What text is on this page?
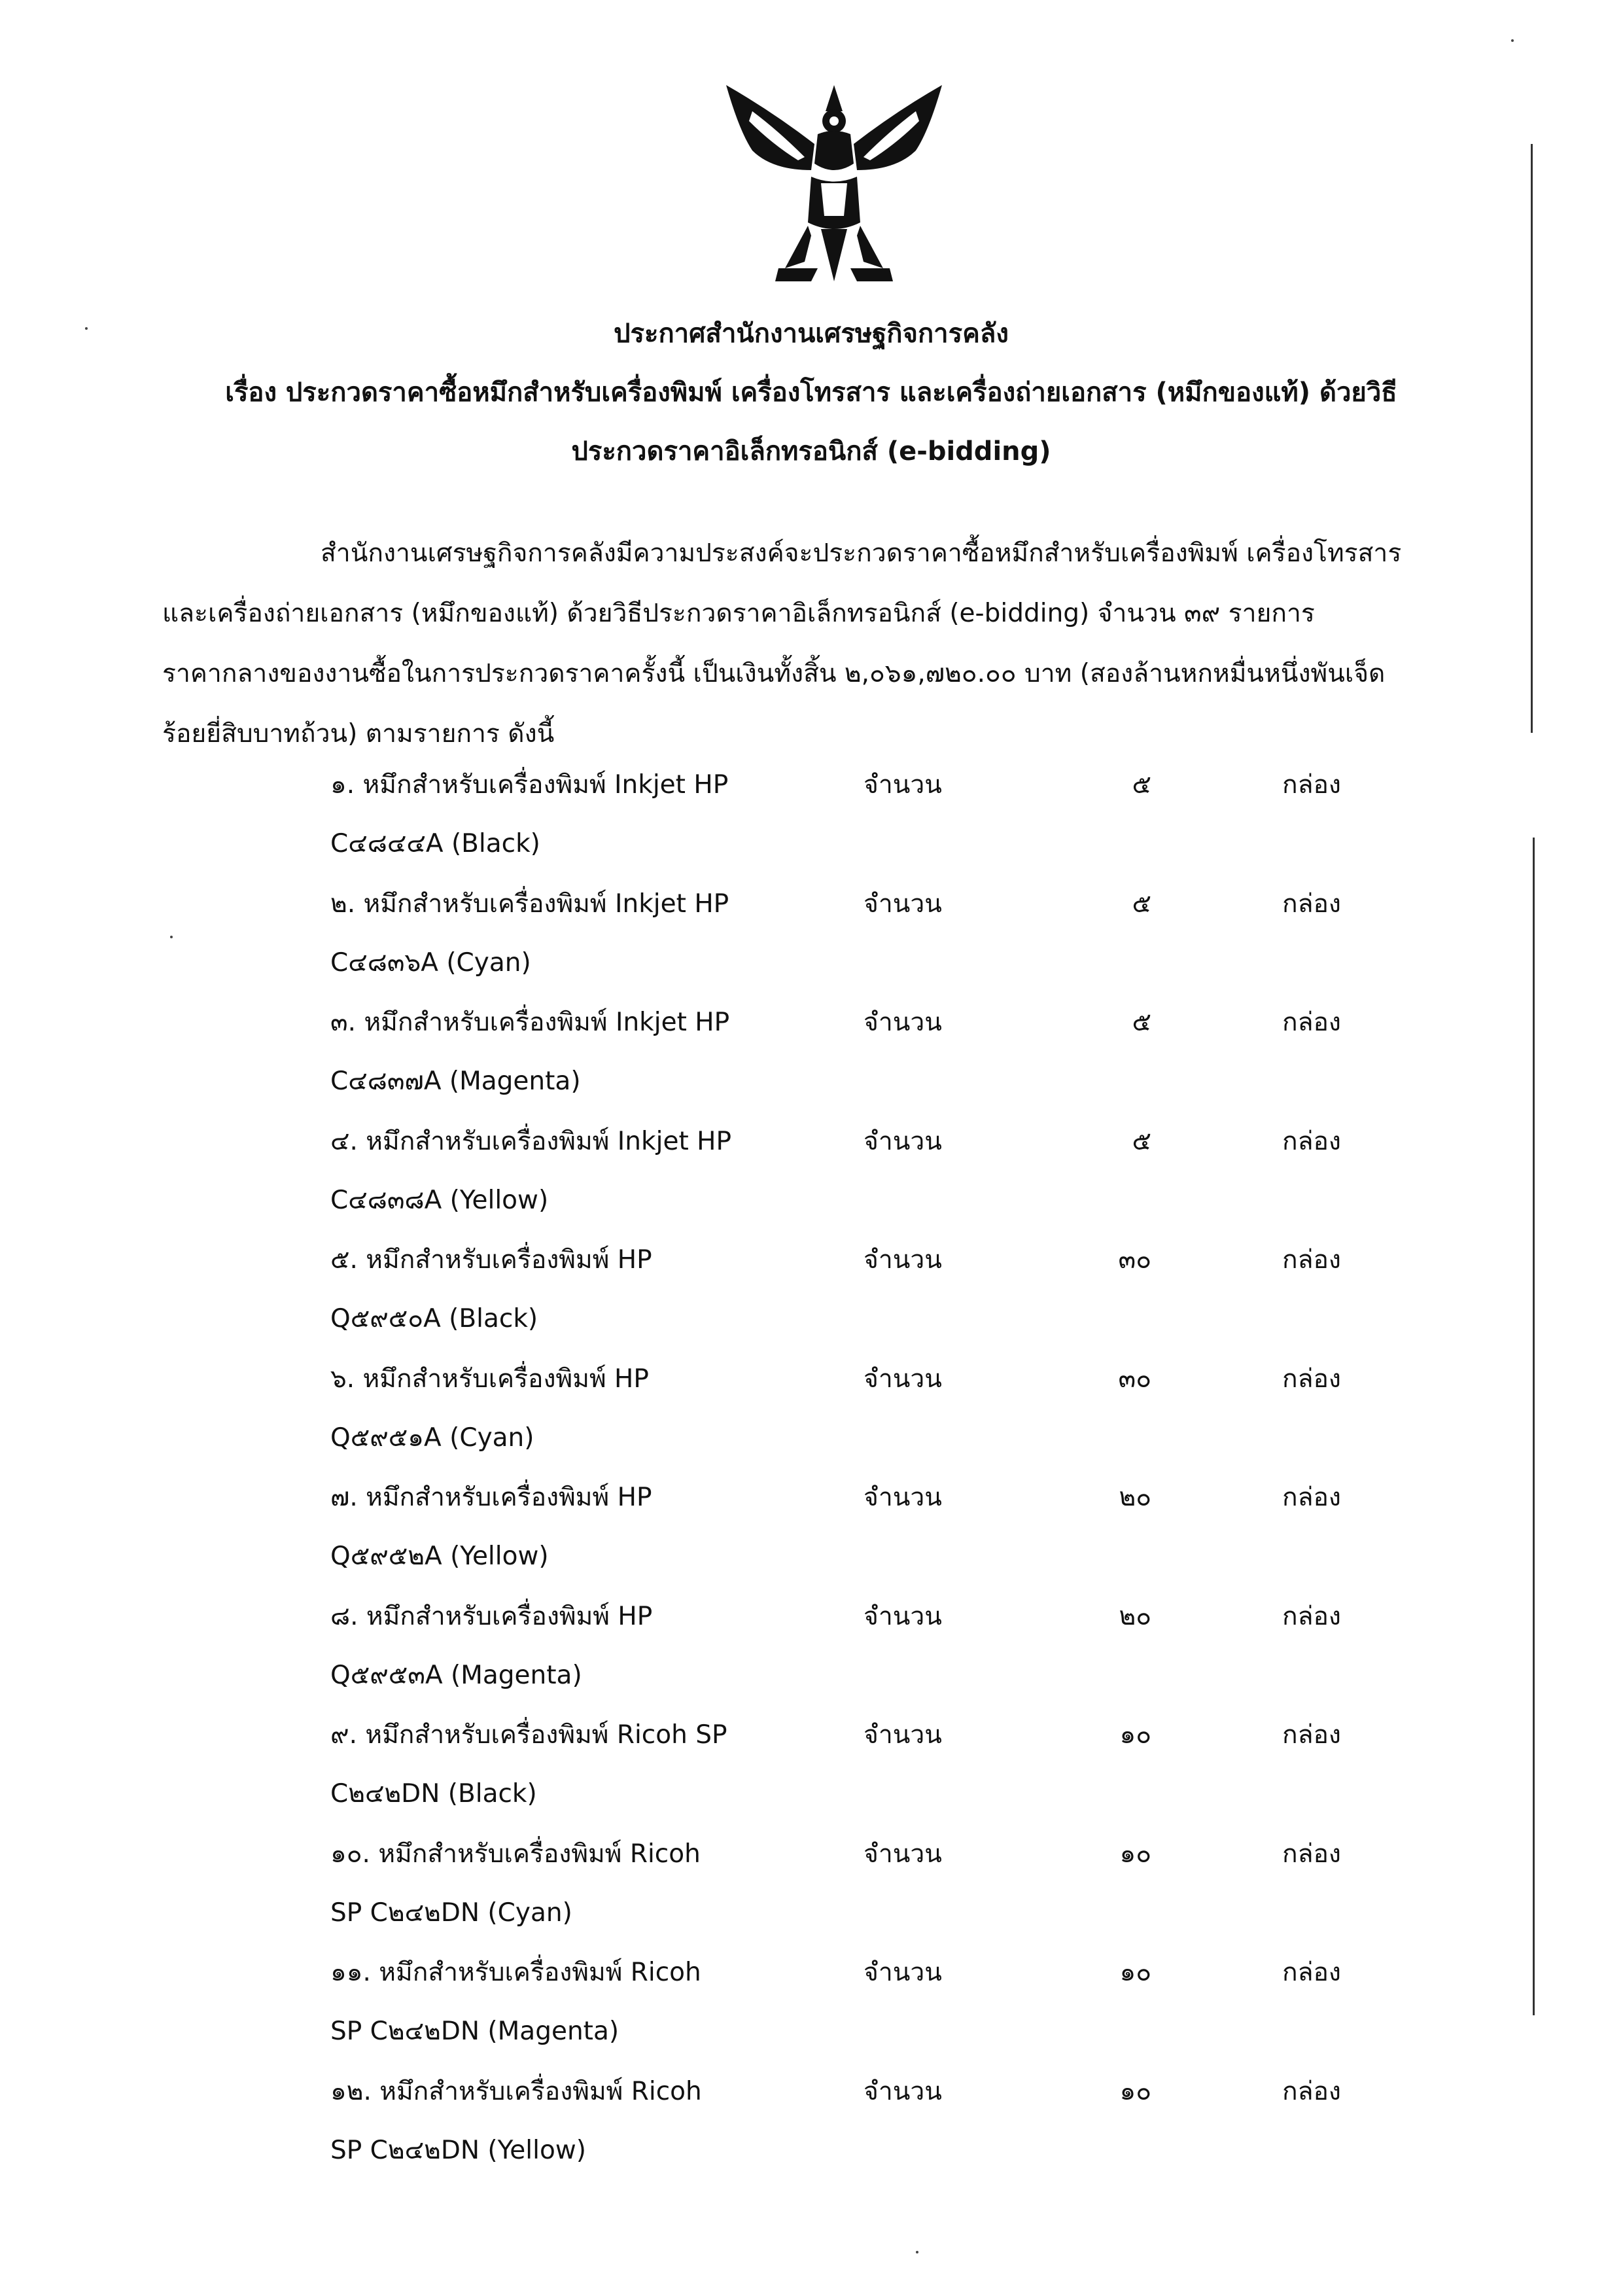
ประกาศสำนักงานเศรษฐกิจการคลัง
เรื่อง ประกวดราคาซื้อหมึกสำหรับเครื่องพิมพ์ เครื่องโทรสาร และเครื่องถ่ายเอกสาร (หมึกของแท้) ด้วยวิธี
ประกวดราคาอิเล็กทรอนิกส์ (e-bidding)
สำนักงานเศรษฐกิจการคลังมีความประสงค์จะประกวดราคาซื้อหมึกสำหรับเครื่องพิมพ์ เครื่องโทรสาร
และเครื่องถ่ายเอกสาร (หมึกของแท้) ด้วยวิธีประกวดราคาอิเล็กทรอนิกส์ (e-bidding) จำนวน ๓๙ รายการ
ราคากลางของงานซื้อในการประกวดราคาครั้งนี้ เป็นเงินทั้งสิ้น ๒,๐๖๑,๗๒๐.๐๐ บาท (สองล้านหกหมื่นหนึ่งพันเจ็ด
ร้อยยี่สิบบาทถ้วน) ตามรายการ ดังนี้
๑. หมึกสำหรับเครื่องพิมพ์ Inkjet HP	จำนวน	๕	กล่อง
C๔๘๔๔A (Black)
๒. หมึกสำหรับเครื่องพิมพ์ Inkjet HP	จำนวน	๕	กล่อง
C๔๘๓๖A (Cyan)
๓. หมึกสำหรับเครื่องพิมพ์ Inkjet HP	จำนวน	๕	กล่อง
C๔๘๓๗A (Magenta)
๔. หมึกสำหรับเครื่องพิมพ์ Inkjet HP	จำนวน	๕	กล่อง
C๔๘๓๘A (Yellow)
๕. หมึกสำหรับเครื่องพิมพ์ HP	จำนวน	๓๐	กล่อง
Q๕๙๕๐A (Black)
๖. หมึกสำหรับเครื่องพิมพ์ HP	จำนวน	๓๐	กล่อง
Q๕๙๕๑A (Cyan)
๗. หมึกสำหรับเครื่องพิมพ์ HP	จำนวน	๒๐	กล่อง
Q๕๙๕๒A (Yellow)
๘. หมึกสำหรับเครื่องพิมพ์ HP	จำนวน	๒๐	กล่อง
Q๕๙๕๓A (Magenta)
๙. หมึกสำหรับเครื่องพิมพ์ Ricoh SP	จำนวน	๑๐	กล่อง
C๒๔๒DN (Black)
๑๐. หมึกสำหรับเครื่องพิมพ์ Ricoh	จำนวน	๑๐	กล่อง
SP C๒๔๒DN (Cyan)
๑๑. หมึกสำหรับเครื่องพิมพ์ Ricoh	จำนวน	๑๐	กล่อง
SP C๒๔๒DN (Magenta)
๑๒. หมึกสำหรับเครื่องพิมพ์ Ricoh	จำนวน	๑๐	กล่อง
SP C๒๔๒DN (Yellow)
